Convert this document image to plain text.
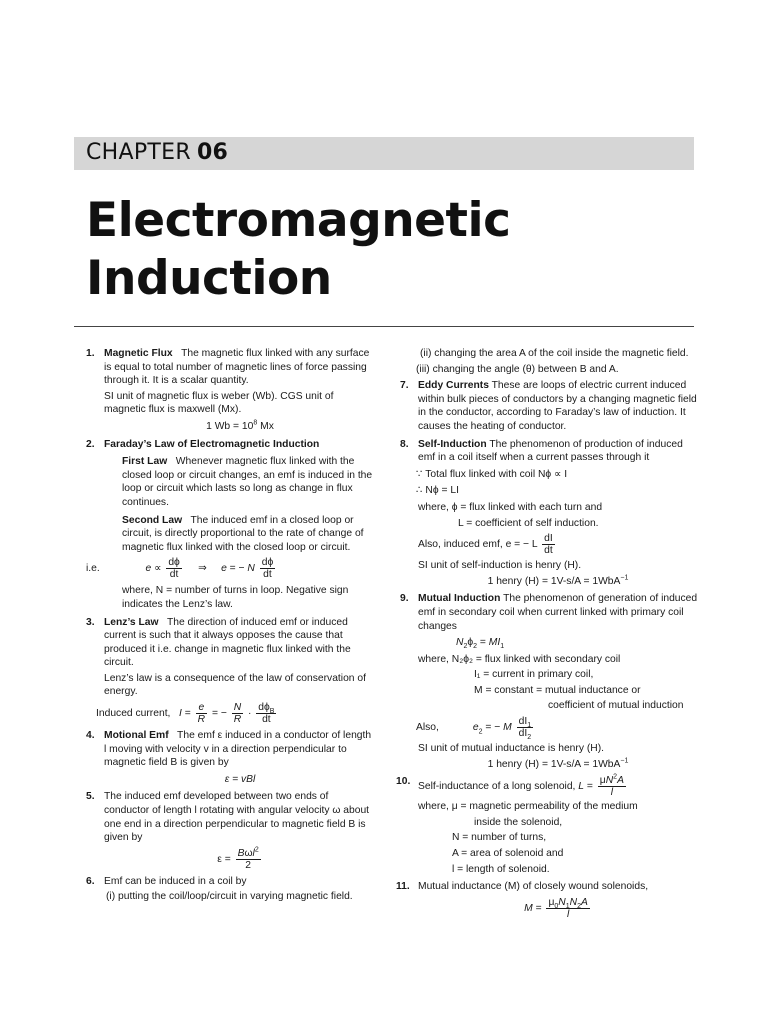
CHAPTER 06
Electromagnetic
Induction
1. Magnetic Flux The magnetic flux linked with any surface is equal to total number of magnetic lines of force passing through it. It is a scalar quantity.

SI unit of magnetic flux is weber (Wb). CGS unit of magnetic flux is maxwell (Mx).

1 $Wb = 10^8$ Mx

2. Faraday’s Law of Electromagnetic Induction

First Law Whenever magnetic flux linked with the closed loop or circuit changes, an emf is induced in the loop or circuit which lasts so long as change in flux continues.

Second Law The induced emf in a closed loop or circuit, is directly proportional to the rate of change of magnetic flux linked with the closed loop or circuit.

i.e.	$e \propto \frac{d\phi}{dt}$ ⇒     e = − N $\frac{d\phi}{dt}$

where, N = number of turns in loop. Negative sign indicates the Lenz’s law.

3. Lenz’s Law The direction of induced emf or induced current is such that it always opposes the cause that produced it i.e. change in magnetic flux linked with the circuit.

Lenz’s law is a consequence of the law of conservation of energy.

Induced current, $I = \frac{e}{R}$ = − $\frac{N}{R} \cdot \frac{d\phi_B}{dt}$

4. Motional Emf The emf ε induced in a conductor of length l moving with velocity v in a direction perpendicular to magnetic field B is given by

ε = vBl

5. The induced emf developed between two ends of conductor of length l rotating with angular velocity ω about one end in a direction perpendicular to magnetic field B is given by

$\varepsilon = \frac{B\omega l^2}{2}$

6. Emf can be induced in a coil by

(i) putting the coil/loop/circuit in varying magnetic field.

(ii) changing the area A of the coil inside the magnetic field.

(iii) changing the angle (θ) between B and A.

7. Eddy Currents These are loops of electric current induced within bulk pieces of conductors by a changing magnetic field in the conductor, according to Faraday’s law of induction. It causes the heating of conductor.

8. Self-Induction The phenomenon of production of induced emf in a coil itself when a current passes through it

∵ Total flux linked with coil Nϕ ∝ I

∴ Nϕ = LI

where, ϕ = flux linked with each turn and

L = coefficient of self induction.

Also, induced emf, e = − L $\frac{dI}{dt}$

SI unit of self-induction is henry (H).

1 henry (H) = 1V-s/A = 1WbA$^{-1}$

9. Mutual Induction The phenomenon of generation of induced emf in secondary coil when current linked with primary coil changes

$N_2\phi_2 = MI_1$

where, N₂ϕ₂ = flux linked with secondary coil

I₁ = current in primary coil,

M = constant = mutual inductance or

coefficient of mutual induction

Also,	$e_2$ = − M $\frac{dI_1}{dI_2}$

SI unit of mutual inductance is henry (H).

1 henry (H) = 1V-s/A = 1WbA$^{-1}$

10. Self-inductance of a long solenoid, $L = \frac{\mu N^2A}{l}$

where, μ = magnetic permeability of the medium

inside the solenoid,

N = number of turns,

A = area of solenoid and

l = length of solenoid.

11. Mutual inductance (M) of closely wound solenoids,

$M = \frac{\mu_0N_1N_2A}{l}$
